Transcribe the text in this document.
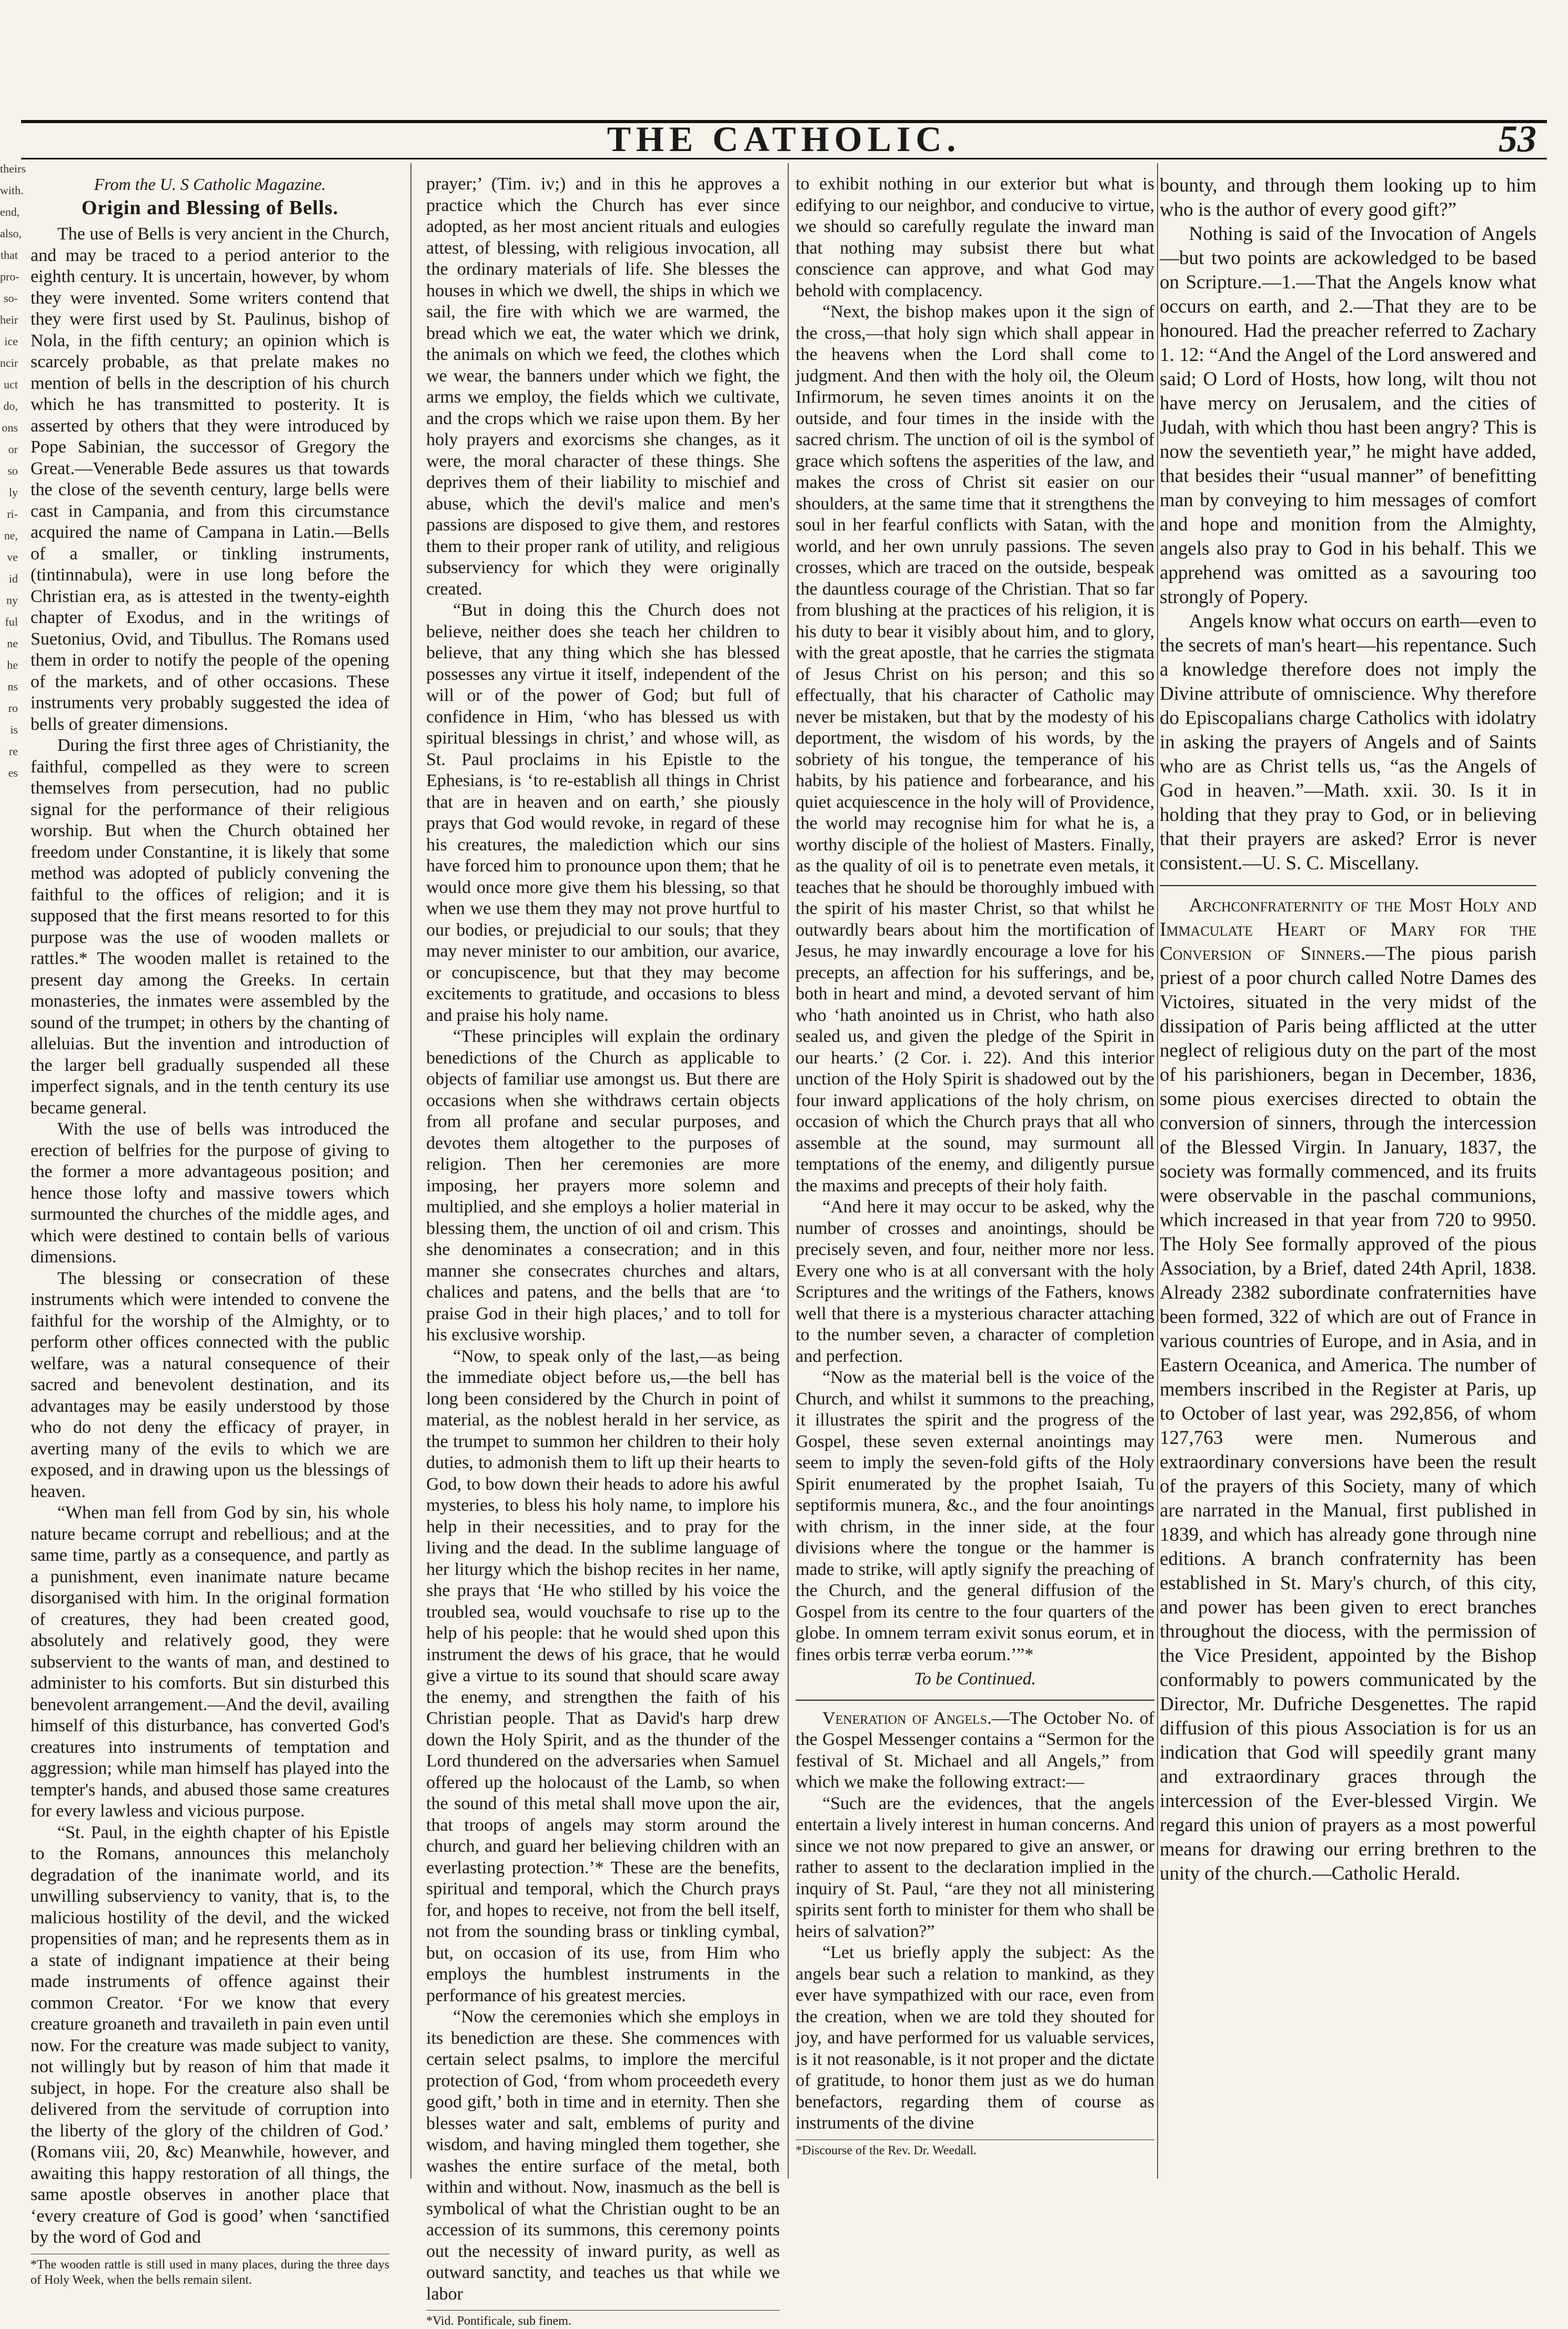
THE CATHOLIC.	53
theirs
with.
end,
also,
that
pro-
so-
heir
ice
ncir
uct
do,
ons
or
so
ly
ri-
ne,
ve
id
ny
ful
ne
he
ns
ro
is
re
es

From the U. S Catholic Magazine.

Origin and Blessing of Bells.

The use of Bells is very ancient in the Church, and may be traced to a period anterior to the eighth century. It is uncertain, however, by whom they were invented. Some writers contend that they were first used by St. Paulinus, bishop of Nola, in the fifth century; an opinion which is scarcely probable, as that prelate makes no mention of bells in the description of his church which he has transmitted to posterity. It is asserted by others that they were introduced by Pope Sabinian, the successor of Gregory the Great.—Venerable Bede assures us that towards the close of the seventh century, large bells were cast in Campania, and from this circumstance acquired the name of Campana in Latin.—Bells of a smaller, or tinkling instruments, (tintinnabula), were in use long before the Christian era, as is attested in the twenty-eighth chapter of Exodus, and in the writings of Suetonius, Ovid, and Tibullus. The Romans used them in order to notify the people of the opening of the markets, and of other occasions. These instruments very probably suggested the idea of bells of greater dimensions.

During the first three ages of Christianity, the faithful, compelled as they were to screen themselves from persecution, had no public signal for the performance of their religious worship. But when the Church obtained her freedom under Constantine, it is likely that some method was adopted of publicly convening the faithful to the offices of religion; and it is supposed that the first means resorted to for this purpose was the use of wooden mallets or rattles.* The wooden mallet is retained to the present day among the Greeks. In certain monasteries, the inmates were assembled by the sound of the trumpet; in others by the chanting of alleluias. But the invention and introduction of the larger bell gradually suspended all these imperfect signals, and in the tenth century its use became general.

With the use of bells was introduced the erection of belfries for the purpose of giving to the former a more advantageous position; and hence those lofty and massive towers which surmounted the churches of the middle ages, and which were destined to contain bells of various dimensions.

The blessing or consecration of these instruments which were intended to convene the faithful for the worship of the Almighty, or to perform other offices connected with the public welfare, was a natural consequence of their sacred and benevolent destination, and its advantages may be easily understood by those who do not deny the efficacy of prayer, in averting many of the evils to which we are exposed, and in drawing upon us the blessings of heaven.

“When man fell from God by sin, his whole nature became corrupt and rebellious; and at the same time, partly as a consequence, and partly as a punishment, even inanimate nature became disorganised with him. In the original formation of creatures, they had been created good, absolutely and relatively good, they were subservient to the wants of man, and destined to administer to his comforts. But sin disturbed this benevolent arrangement.—And the devil, availing himself of this disturbance, has converted God's creatures into instruments of temptation and aggression; while man himself has played into the tempter's hands, and abused those same creatures for every lawless and vicious purpose.

“St. Paul, in the eighth chapter of his Epistle to the Romans, announces this melancholy degradation of the inanimate world, and its unwilling subserviency to vanity, that is, to the malicious hostility of the devil, and the wicked propensities of man; and he represents them as in a state of indignant impatience at their being made instruments of offence against their common Creator. ‘For we know that every creature groaneth and travaileth in pain even until now. For the creature was made subject to vanity, not willingly but by reason of him that made it subject, in hope. For the creature also shall be delivered from the servitude of corruption into the liberty of the glory of the children of God.’ (Romans viii, 20, &c) Meanwhile, however, and awaiting this happy restoration of all things, the same apostle observes in another place that ‘every creature of God is good’ when ‘sanctified by the word of God and

*The wooden rattle is still used in many places, during the three days of Holy Week, when the bells remain silent.

prayer;’ (Tim. iv;) and in this he approves a practice which the Church has ever since adopted, as her most ancient rituals and eulogies attest, of blessing, with religious invocation, all the ordinary materials of life. She blesses the houses in which we dwell, the ships in which we sail, the fire with which we are warmed, the bread which we eat, the water which we drink, the animals on which we feed, the clothes which we wear, the banners under which we fight, the arms we employ, the fields which we cultivate, and the crops which we raise upon them. By her holy prayers and exorcisms she changes, as it were, the moral character of these things. She deprives them of their liability to mischief and abuse, which the devil's malice and men's passions are disposed to give them, and restores them to their proper rank of utility, and religious subserviency for which they were originally created.

“But in doing this the Church does not believe, neither does she teach her children to believe, that any thing which she has blessed possesses any virtue it itself, independent of the will or of the power of God; but full of confidence in Him, ‘who has blessed us with spiritual blessings in christ,’ and whose will, as St. Paul proclaims in his Epistle to the Ephesians, is ‘to re-establish all things in Christ that are in heaven and on earth,’ she piously prays that God would revoke, in regard of these his creatures, the malediction which our sins have forced him to pronounce upon them; that he would once more give them his blessing, so that when we use them they may not prove hurtful to our bodies, or prejudicial to our souls; that they may never minister to our ambition, our avarice, or concupiscence, but that they may become excitements to gratitude, and occasions to bless and praise his holy name.

“These principles will explain the ordinary benedictions of the Church as applicable to objects of familiar use amongst us. But there are occasions when she withdraws certain objects from all profane and secular purposes, and devotes them altogether to the purposes of religion. Then her ceremonies are more imposing, her prayers more solemn and multiplied, and she employs a holier material in blessing them, the unction of oil and crism. This she denominates a consecration; and in this manner she consecrates churches and altars, chalices and patens, and the bells that are ‘to praise God in their high places,’ and to toll for his exclusive worship.

“Now, to speak only of the last,—as being the immediate object before us,—the bell has long been considered by the Church in point of material, as the noblest herald in her service, as the trumpet to summon her children to their holy duties, to admonish them to lift up their hearts to God, to bow down their heads to adore his awful mysteries, to bless his holy name, to implore his help in their necessities, and to pray for the living and the dead. In the sublime language of her liturgy which the bishop recites in her name, she prays that ‘He who stilled by his voice the troubled sea, would vouchsafe to rise up to the help of his people: that he would shed upon this instrument the dews of his grace, that he would give a virtue to its sound that should scare away the enemy, and strengthen the faith of his Christian people. That as David's harp drew down the Holy Spirit, and as the thunder of the Lord thundered on the adversaries when Samuel offered up the holocaust of the Lamb, so when the sound of this metal shall move upon the air, that troops of angels may storm around the church, and guard her believing children with an everlasting protection.’* These are the benefits, spiritual and temporal, which the Church prays for, and hopes to receive, not from the bell itself, not from the sounding brass or tinkling cymbal, but, on occasion of its use, from Him who employs the humblest instruments in the performance of his greatest mercies.

“Now the ceremonies which she employs in its benediction are these. She commences with certain select psalms, to implore the merciful protection of God, ‘from whom proceedeth every good gift,’ both in time and in eternity. Then she blesses water and salt, emblems of purity and wisdom, and having mingled them together, she washes the entire surface of the metal, both within and without. Now, inasmuch as the bell is symbolical of what the Christian ought to be an accession of its summons, this ceremony points out the necessity of inward purity, as well as outward sanctity, and teaches us that while we labor

*Vid. Pontificale, sub finem.

to exhibit nothing in our exterior but what is edifying to our neighbor, and conducive to virtue, we should so carefully regulate the inward man that nothing may subsist there but what conscience can approve, and what God may behold with complacency.

“Next, the bishop makes upon it the sign of the cross,—that holy sign which shall appear in the heavens when the Lord shall come to judgment. And then with the holy oil, the Oleum Infirmorum, he seven times anoints it on the outside, and four times in the inside with the sacred chrism. The unction of oil is the symbol of grace which softens the asperities of the law, and makes the cross of Christ sit easier on our shoulders, at the same time that it strengthens the soul in her fearful conflicts with Satan, with the world, and her own unruly passions. The seven crosses, which are traced on the outside, bespeak the dauntless courage of the Christian. That so far from blushing at the practices of his religion, it is his duty to bear it visibly about him, and to glory, with the great apostle, that he carries the stigmata of Jesus Christ on his person; and this so effectually, that his character of Catholic may never be mistaken, but that by the modesty of his deportment, the wisdom of his words, by the sobriety of his tongue, the temperance of his habits, by his patience and forbearance, and his quiet acquiescence in the holy will of Providence, the world may recognise him for what he is, a worthy disciple of the holiest of Masters. Finally, as the quality of oil is to penetrate even metals, it teaches that he should be thoroughly imbued with the spirit of his master Christ, so that whilst he outwardly bears about him the mortification of Jesus, he may inwardly encourage a love for his precepts, an affection for his sufferings, and be, both in heart and mind, a devoted servant of him who ‘hath anointed us in Christ, who hath also sealed us, and given the pledge of the Spirit in our hearts.’ (2 Cor. i. 22). And this interior unction of the Holy Spirit is shadowed out by the four inward applications of the holy chrism, on occasion of which the Church prays that all who assemble at the sound, may surmount all temptations of the enemy, and diligently pursue the maxims and precepts of their holy faith.

“And here it may occur to be asked, why the number of crosses and anointings, should be precisely seven, and four, neither more nor less. Every one who is at all conversant with the holy Scriptures and the writings of the Fathers, knows well that there is a mysterious character attaching to the number seven, a character of completion and perfection.

“Now as the material bell is the voice of the Church, and whilst it summons to the preaching, it illustrates the spirit and the progress of the Gospel, these seven external anointings may seem to imply the seven-fold gifts of the Holy Spirit enumerated by the prophet Isaiah, Tu septiformis munera, &c., and the four anointings with chrism, in the inner side, at the four divisions where the tongue or the hammer is made to strike, will aptly signify the preaching of the Church, and the general diffusion of the Gospel from its centre to the four quarters of the globe. In omnem terram exivit sonus eorum, et in fines orbis terræ verba eorum.’”*

To be Continued.

Veneration of Angels.—The October No. of the Gospel Messenger contains a “Sermon for the festival of St. Michael and all Angels,” from which we make the following extract:—

“Such are the evidences, that the angels entertain a lively interest in human concerns. And since we not now prepared to give an answer, or rather to assent to the declaration implied in the inquiry of St. Paul, “are they not all ministering spirits sent forth to minister for them who shall be heirs of salvation?”

“Let us briefly apply the subject: As the angels bear such a relation to mankind, as they ever have sympathized with our race, even from the creation, when we are told they shouted for joy, and have performed for us valuable services, is it not reasonable, is it not proper and the dictate of gratitude, to honor them just as we do human benefactors, regarding them of course as instruments of the divine

*Discourse of the Rev. Dr. Weedall.

bounty, and through them looking up to him who is the author of every good gift?”

Nothing is said of the Invocation of Angels—but two points are ackowledged to be based on Scripture.—1.—That the Angels know what occurs on earth, and 2.—That they are to be honoured. Had the preacher referred to Zachary 1. 12: “And the Angel of the Lord answered and said; O Lord of Hosts, how long, wilt thou not have mercy on Jerusalem, and the cities of Judah, with which thou hast been angry? This is now the seventieth year,” he might have added, that besides their “usual manner” of benefitting man by conveying to him messages of comfort and hope and monition from the Almighty, angels also pray to God in his behalf. This we apprehend was omitted as a savouring too strongly of Popery.

Angels know what occurs on earth—even to the secrets of man's heart—his repentance. Such a knowledge therefore does not imply the Divine attribute of omniscience. Why therefore do Episcopalians charge Catholics with idolatry in asking the prayers of Angels and of Saints who are as Christ tells us, “as the Angels of God in heaven.”—Math. xxii. 30. Is it in holding that they pray to God, or in believing that their prayers are asked? Error is never consistent.—U. S. C. Miscellany.

Archconfraternity of the Most Holy and Immaculate Heart of Mary for the Conversion of Sinners.—The pious parish priest of a poor church called Notre Dames des Victoires, situated in the very midst of the dissipation of Paris being afflicted at the utter neglect of religious duty on the part of the most of his parishioners, began in December, 1836, some pious exercises directed to obtain the conversion of sinners, through the intercession of the Blessed Virgin. In January, 1837, the society was formally commenced, and its fruits were observable in the paschal communions, which increased in that year from 720 to 9950. The Holy See formally approved of the pious Association, by a Brief, dated 24th April, 1838. Already 2382 subordinate confraternities have been formed, 322 of which are out of France in various countries of Europe, and in Asia, and in Eastern Oceanica, and America. The number of members inscribed in the Register at Paris, up to October of last year, was 292,856, of whom 127,763 were men. Numerous and extraordinary conversions have been the result of the prayers of this Society, many of which are narrated in the Manual, first published in 1839, and which has already gone through nine editions. A branch confraternity has been established in St. Mary's church, of this city, and power has been given to erect branches throughout the diocess, with the permission of the Vice President, appointed by the Bishop conformably to powers communicated by the Director, Mr. Dufriche Desgenettes. The rapid diffusion of this pious Association is for us an indication that God will speedily grant many and extraordinary graces through the intercession of the Ever-blessed Virgin. We regard this union of prayers as a most powerful means for drawing our erring brethren to the unity of the church.—Catholic Herald.
